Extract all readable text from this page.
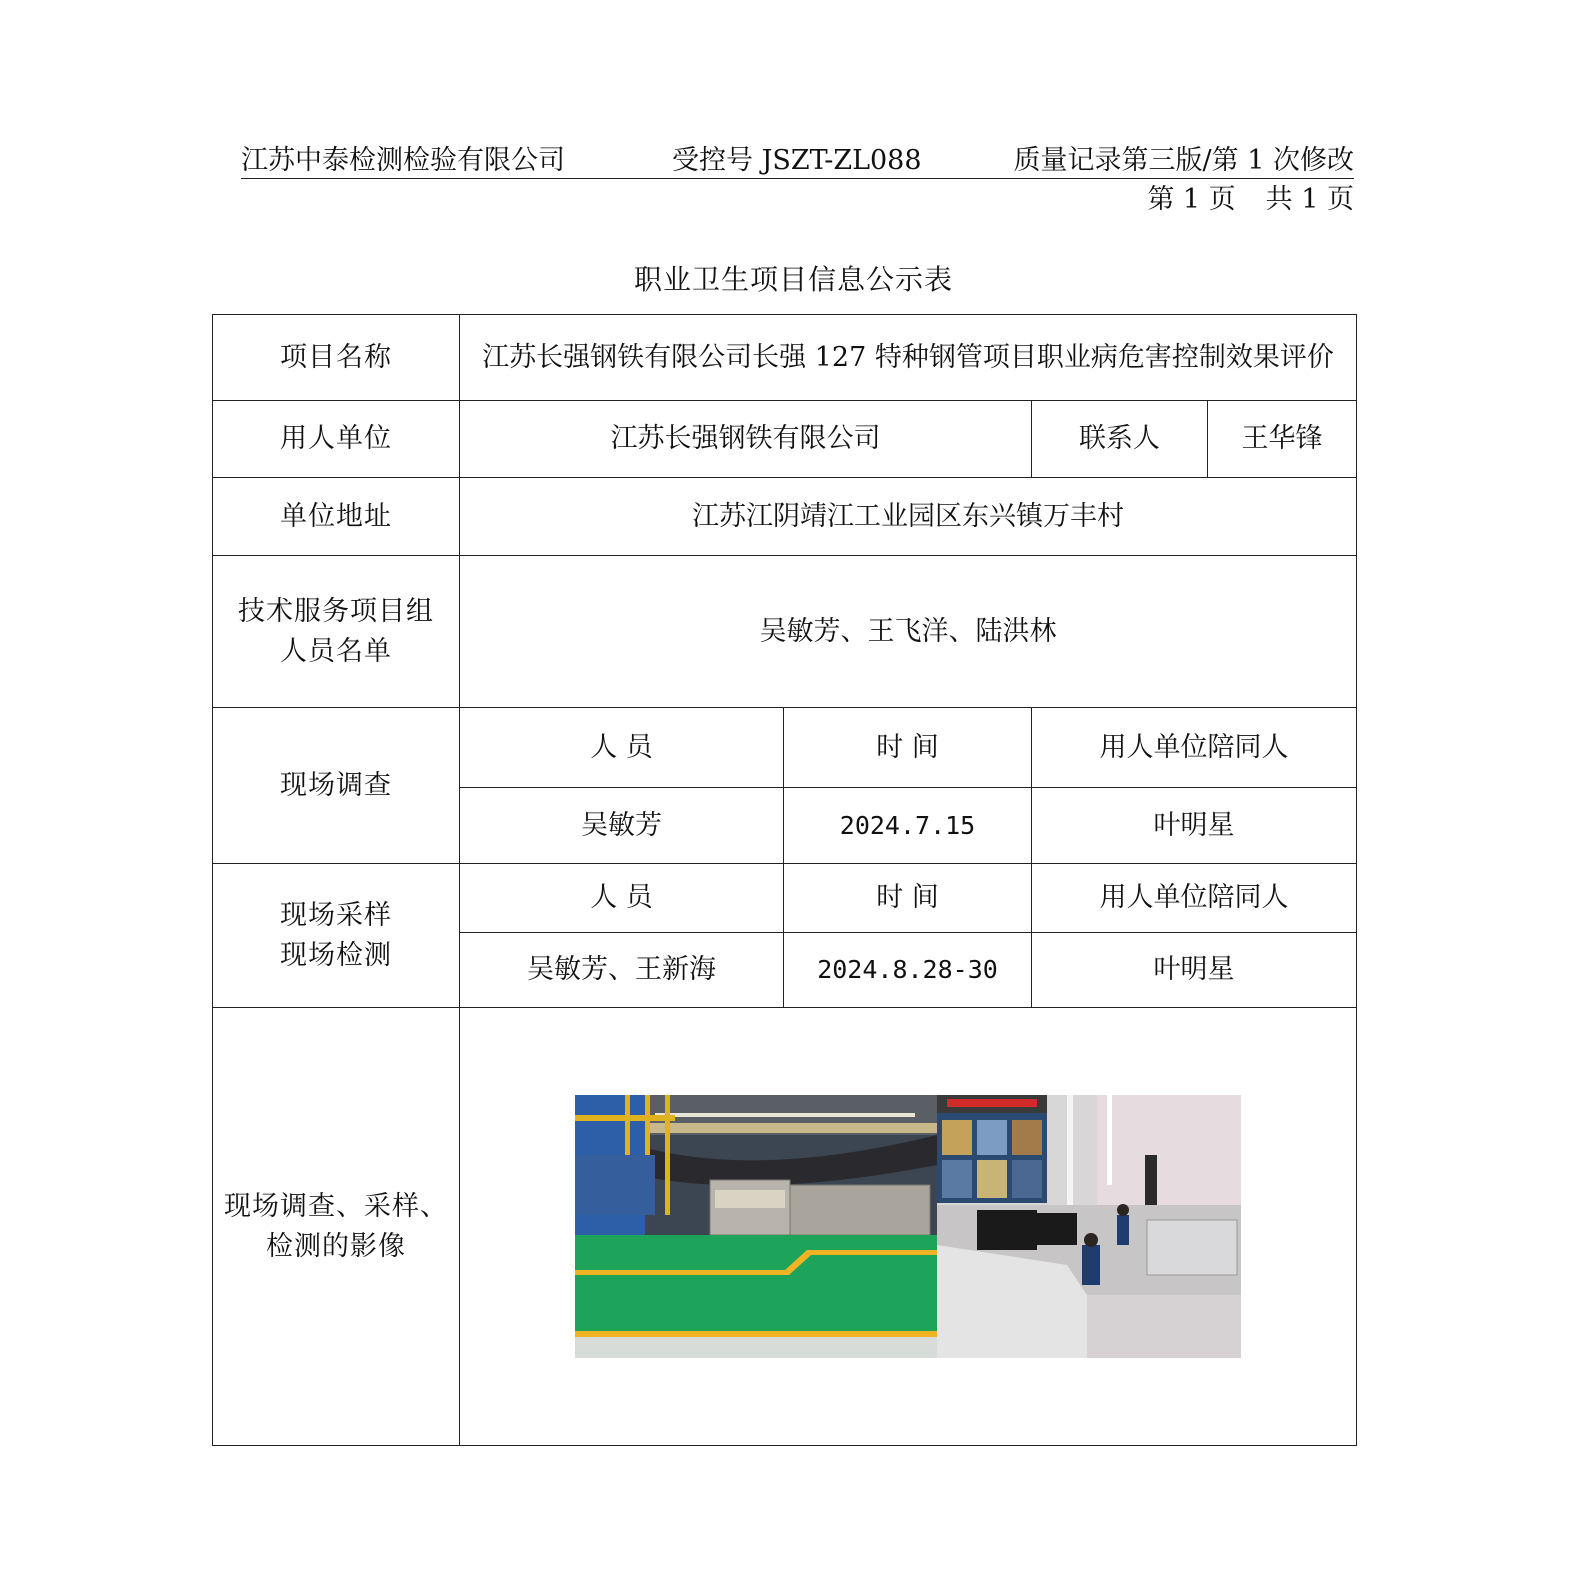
江苏中泰检测检验有限公司	受控号 JSZT-ZL088	质量记录第三版/第 1 次修改
第 1 页 共 1 页
职业卫生项目信息公示表
项目名称	江苏长强钢铁有限公司长强 127 特种钢管项目职业病危害控制效果评价			
用人单位	江苏长强钢铁有限公司		联系人	王华锋
单位地址	江苏江阴靖江工业园区东兴镇万丰村			

技术服务项目组
人员名单	吴敏芳、王飞洋、陆洪林			
现场调查	人 员	时 间	用人单位陪同人	
	吴敏芳	2024.7.15	叶明星	

现场采样
现场检测	人 员	时 间	用人单位陪同人	
	吴敏芳、王新海	2024.8.28-30	叶明星	

现场调查、采样、
检测的影像
